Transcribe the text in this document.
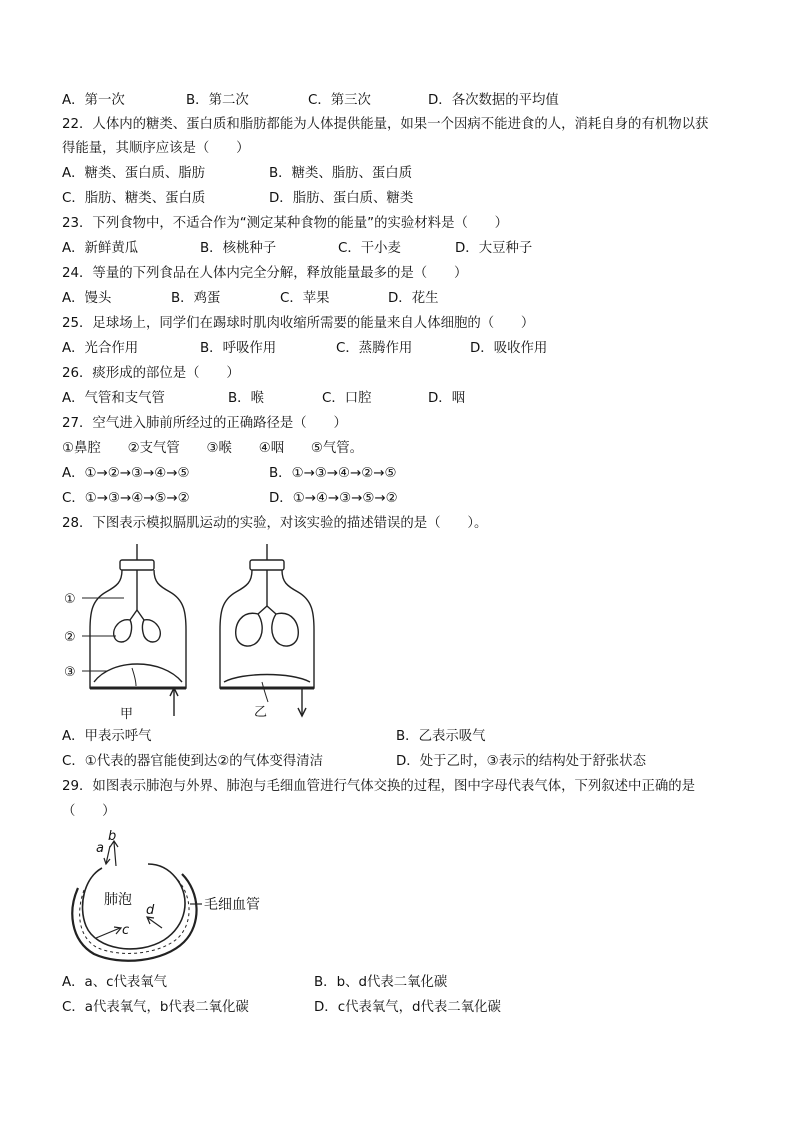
A．第一次	B．第二次	C．第三次	D．各次数据的平均值
22．人体内的糖类、蛋白质和脂肪都能为人体提供能量，如果一个因病不能进食的人，消耗自身的有机物以获
得能量，其顺序应该是（　　）
A．糖类、蛋白质、脂肪	B．糖类、脂肪、蛋白质
C．脂肪、糖类、蛋白质	D．脂肪、蛋白质、糖类
23．下列食物中，不适合作为“测定某种食物的能量”的实验材料是（　　）
A．新鲜黄瓜	B．核桃种子	C．干小麦	D．大豆种子
24．等量的下列食品在人体内完全分解，释放能量最多的是（　　）
A．馒头	B．鸡蛋	C．苹果	D．花生
25．足球场上，同学们在踢球时肌肉收缩所需要的能量来自人体细胞的（　　）
A．光合作用	B．呼吸作用	C．蒸腾作用	D．吸收作用
26．痰形成的部位是（　　）
A．气管和支气管	B．喉	C．口腔	D．咽
27．空气进入肺前所经过的正确路径是（　　）
①鼻腔　　②支气管　　③喉　　④咽　　⑤气管。
A．①→②→③→④→⑤	B．①→③→④→②→⑤
C．①→③→④→⑤→②	D．①→④→③→⑤→②
28．下图表示模拟膈肌运动的实验，对该实验的描述错误的是（　　）。
①
②
③
甲	乙
A．甲表示呼气	B．乙表示吸气
C．①代表的器官能使到达②的气体变得清洁	D．处于乙时，③表示的结构处于舒张状态
29．如图表示肺泡与外界、肺泡与毛细血管进行气体交换的过程，图中字母代表气体，下列叙述中正确的是
（　　）
a
b
c
d
肺泡	毛细血管
A．a、c代表氧气	B．b、d代表二氧化碳
C．a代表氧气，b代表二氧化碳	D．c代表氧气，d代表二氧化碳
